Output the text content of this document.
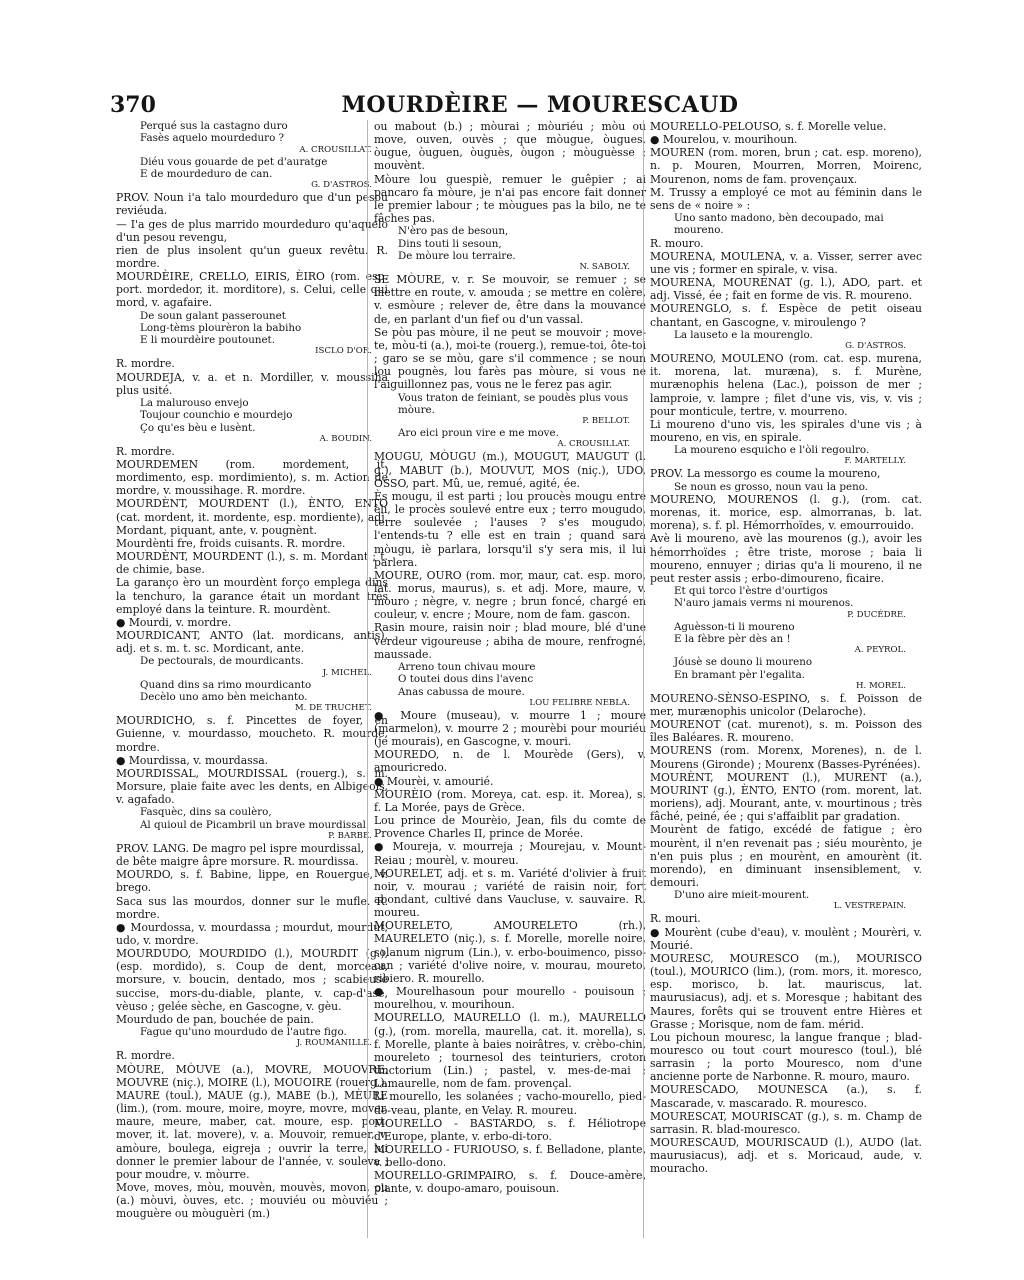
370	MOURDÈIRE — MOURESCAUD

Perqué sus la castagno duro

Fasès aquelo mourdeduro ?

A. CROUSILLAT.

Diéu vous gouarde de pet d'auratge

E de mourdeduro de can.

G. D'ASTROS.

PROV. Noun i'a talo mourdeduro que d'un pesou reviéuda.

— I'a ges de plus marrido mourdeduro qu'aquelo d'un pesou revengu,

rien de plus insolent qu'un gueux revêtu. R. mordre.

MOURDÈIRE, CRELLO, EIRIS, ÈIRO (rom. esp. port. mordedor, it. morditore), s. Celui, celle qui mord, v. agafaire.

De soun galant passerounet

Long-tèms plourèron la babiho

E li mourdèire poutounet.

ISCLO D'OR.

R. mordre.

MOURDEJA, v. a. et n. Mordiller, v. moussiha plus usité.

La malurouso envejo

Toujour counchio e mourdejo

Ço qu'es bèu e lusènt.

A. BOUDIN.

R. mordre.

MOURDEMEN (rom. mordement, it. mordimento, esp. mordimiento), s. m. Action de mordre, v. moussihage. R. mordre.

MOURDÈNT, MOURDENT (l.), ÈNTO, ENTO (cat. mordent, it. mordente, esp. mordiente), adj. Mordant, piquant, ante, v. pougnènt.

Mourdènti fre, froids cuisants. R. mordre.

MOURDÈNT, MOURDENT (l.), s. m. Mordant ; t. de chimie, base.

La garanço èro un mourdènt forço emplega dins la tenchuro, la garance était un mordant très employé dans la teinture. R. mourdènt.

● Mourdi, v. mordre.

MOURDICANT, ANTO (lat. mordicans, antis), adj. et s. m. t. sc. Mordicant, ante.

De pectourals, de mourdicants.

J. MICHEL.

Quand dins sa rimo mourdicanto

Decèlo uno amo bèn meichanto.

M. DE TRUCHET.

MOURDICHO, s. f. Pincettes de foyer, en Guienne, v. mourdasso, moucheto. R. mourde, mordre.

● Mourdissa, v. mourdassa.

MOURDISSAL, MOURDISSAL (rouerg.), s. m. Morsure, plaie faite avec les dents, en Albigeois, v. agafado.

Fasquèc, dins sa coulèro,

Al quioul de Picambril un brave mourdissal.

P. BARBE.

PROV. LANG. De magro pel ispre mourdissal,

de bête maigre âpre morsure. R. mourdissa.

MOURDO, s. f. Babine, lippe, en Rouergue, v. brego.

Saca sus las mourdos, donner sur le mufle. R. mordre.

● Mourdossa, v. mourdassa ; mourdut, mourdut, udo, v. mordre.

MOURDUDO, MOURDIDO (l.), MOURDIT (g.), (esp. mordido), s. Coup de dent, morceau, morsure, v. boucin, dentado, mos ; scabieuse succise, mors-du-diable, plante, v. cap-d'ase, vèuso ; gelée sèche, en Gascogne, v. gèu.

Mourdudo de pan, bouchée de pain.

Fague qu'uno mourdudo de l'autre figo.

J. ROUMANILLE.

R. mordre.

MÒURE, MÒUVE (a.), MOVRE, MOUOVRE, MOUVRE (niç.), MOIRE (l.), MOUOIRE (rouerg.), MAURE (toul.), MAUE (g.), MABE (b.), MÈURE (lim.), (rom. moure, moire, moyre, movre, mover, maure, meure, maber, cat. moure, esp. port. mover, it. lat. movere), v. a. Mouvoir, remuer, v. amòure, boulega, eigreja ; ouvrir la terre, lui donner le premier labour de l'année, v. souleva ; pour moudre, v. mòurre.

Move, moves, mòu, mouvèn, mouvès, movon, ou (a.) mòuvi, òuves, etc. ; mouviéu ou mòuviéu ; mouguère ou mòuguèri (m.)

ou mabout (b.) ; mòurai ; mòuriéu ; mòu ou move, ouven, ouvès ; que mòugue, òugues, òugue, òuguen, òuguès, òugon ; mòuguèsse ; mouvènt.

Mòure lou guespiè, remuer le guêpier ; ai pancaro fa mòure, je n'ai pas encore fait donner le premier labour ; te mòugues pas la bilo, ne te fâches pas.

N'èro pas de besoun,

Dins touti li sesoun,

De mòure lou terraire.

N. SABOLY.

SE MÒURE, v. r. Se mouvoir, se remuer ; se mettre en route, v. amouda ; se mettre en colère, v. esmòure ; relever de, être dans la mouvance de, en parlant d'un fief ou d'un vassal.

Se pòu pas mòure, il ne peut se mouvoir ; move-te, mòu-ti (a.), moi-te (rouerg.), remue-toi, ôte-toi ; garo se se mòu, gare s'il commence ; se noun lou pougnès, lou farès pas mòure, si vous ne l'aiguillonnez pas, vous ne le ferez pas agir.

Vous traton de feiniant, se poudès plus vous mòure.

P. BELLOT.

Aro eici proun vire e me move.

A. CROUSILLAT.

MOUGU, MÒUGU (m.), MOUGUT, MAUGUT (l. g.), MABUT (b.), MOUVUT, MOS (niç.), UDO, OSSO, part. Mû, ue, remué, agité, ée.

Ès mougu, il est parti ; lou proucès mougu entre èli, le procès soulevé entre eux ; terro mougudo, terre soulevée ; l'auses ? s'es mougudo, l'entends-tu ? elle est en train ; quand sara mòugu, iè parlara, lorsqu'il s'y sera mis, il lui parlera.

MOURE, OURO (rom. mor, maur, cat. esp. moro, lat. morus, maurus), s. et adj. More, maure, v. mouro ; nègre, v. negre ; brun foncé, chargé en couleur, v. encre ; Moure, nom de fam. gascon.

Rasin moure, raisin noir ; blad moure, blé d'une verdeur vigoureuse ; abiha de moure, renfrogné, maussade.

Arreno toun chivau moure

O toutei dous dins l'avenc

Anas cabussa de moure.

LOU FELIBRE NEBLA.

● Moure (museau), v. mourre 1 ; moure (marmelon), v. mourre 2 ; mourèbi pour mouriéu (je mourais), en Gascogne, v. mouri.

MOUREDO, n. de l. Mourède (Gers), v. amouricredo.

● Mourèi, v. amourié.

MOURÈIO (rom. Moreya, cat. esp. it. Morea), s. f. La Morée, pays de Grèce.

Lou prince de Mourèio, Jean, fils du comte de Provence Charles II, prince de Morée.

● Moureja, v. mourreja ; Mourejau, v. Mount-Reiau ; mourèl, v. moureu.

MOURELET, adj. et s. m. Variété d'olivier à fruit noir, v. mourau ; variété de raisin noir, fort abondant, cultivé dans Vaucluse, v. sauvaire. R. moureu.

MOURELETO, AMOURELETO (rh.), MAURELETO (niç.), s. f. Morelle, morelle noire, solanum nigrum (Lin.), v. erbo-bouimenco, pisso-can ; variété d'olive noire, v. mourau, moureto, ribiero. R. mourello.

● Mourelhasoun pour mourello - pouisoun ; mourelhou, v. mourihoun.

MOURELLO, MAURELLO (l. m.), MAURELLO (g.), (rom. morella, maurella, cat. it. morella), s. f. Morelle, plante à baies noirâtres, v. crèbo-chin, moureleto ; tournesol des teinturiers, croton tinctorium (Lin.) ; pastel, v. mes-de-mai ; Lamaurelle, nom de fam. provençal.

Li mourello, les solanées ; vacho-mourello, pied-de-veau, plante, en Velay. R. moureu.

MOURELLO - BASTARDO, s. f. Héliotrope d'Europe, plante, v. erbo-di-toro.

MOURELLO - FURIOUSO, s. f. Belladone, plante, v. bello-dono.

MOURELLO-GRIMPAIRO, s. f. Douce-amère, plante, v. doupo-amaro, pouisoun.

MOURELLO-PELOUSO, s. f. Morelle velue.

● Mourelou, v. mourihoun.

MOUREN (rom. moren, brun ; cat. esp. moreno), n. p. Mouren, Mourren, Morren, Moirenc, Mourenon, noms de fam. provençaux.

M. Trussy a employé ce mot au féminin dans le sens de « noire » :

Uno santo madono, bèn decoupado, mai moureno.

R. mouro.

MOURENA, MOULENA, v. a. Visser, serrer avec une vis ; former en spirale, v. visa.

MOURENA, MOURENAT (g. l.), ADO, part. et adj. Vissé, ée ; fait en forme de vis. R. moureno.

MOURENGLO, s. f. Espèce de petit oiseau chantant, en Gascogne, v. miroulengo ?

La lauseto e la mourenglo.

G. D'ASTROS.

MOURENO, MOULENO (rom. cat. esp. murena, it. morena, lat. muræna), s. f. Murène, murænophis helena (Lac.), poisson de mer ; lamproie, v. lampre ; filet d'une vis, vis, v. vis ; pour monticule, tertre, v. mourreno.

Li moureno d'uno vis, les spirales d'une vis ; à moureno, en vis, en spirale.

La moureno esquicho e l'òli regoulro.

F. MARTELLY.

PROV. La messorgo es coume la moureno,

Se noun es grosso, noun vau la peno.

MOURENO, MOURENOS (l. g.), (rom. cat. morenas, it. morice, esp. almorranas, b. lat. morena), s. f. pl. Hémorrhoïdes, v. emourrouido.

Avè li moureno, avè las mourenos (g.), avoir les hémorrhoïdes ; être triste, morose ; baia li moureno, ennuyer ; dirias qu'a li moureno, il ne peut rester assis ; erbo-dimoureno, ficaire.

Et qui torco l'èstre d'ourtigos

N'auro jamais verms ni mourenos.

P. DUCÉDRE.

Aguèsson-ti li moureno

E la fèbre pèr dès an !

A. PEYROL.

Jóusè se douno li moureno

En bramant pèr l'egalita.

H. MOREL.

MOURENO-SÈNSO-ESPINO, s. f. Poisson de mer, murænophis unicolor (Delaroche).

MOURENOT (cat. murenot), s. m. Poisson des îles Baléares. R. moureno.

MOURENS (rom. Morenx, Morenes), n. de l. Mourens (Gironde) ; Mourenx (Basses-Pyrénées).

MOURÈNT, MOURENT (l.), MURENT (a.), MOURINT (g.), ÈNTO, ENTO (rom. morent, lat. moriens), adj. Mourant, ante, v. mourtinous ; très fâché, peiné, ée ; qui s'affaiblit par gradation.

Mourènt de fatigo, excédé de fatigue ; èro mourènt, il n'en revenait pas ; siéu mourènto, je n'en puis plus ; en mourènt, en amourènt (it. morendo), en diminuant insensiblement, v. demouri.

D'uno aire mieit-mourent.

L. VESTREPAIN.

R. mouri.

● Mourènt (cube d'eau), v. moulènt ; Mourèri, v. Mourié.

MOURESC, MOURESCO (m.), MOURISCO (toul.), MOURICO (lim.), (rom. mors, it. moresco, esp. morisco, b. lat. mauriscus, lat. maurusiacus), adj. et s. Moresque ; habitant des Maures, forêts qui se trouvent entre Hières et Grasse ; Morisque, nom de fam. mérid.

Lou pichoun mouresc, la langue franque ; blad-mouresco ou tout court mouresco (toul.), blé sarrasin ; la porto Mouresco, nom d'une ancienne porte de Narbonne. R. mouro, mauro.

MOURESCADO, MOUNESCA (a.), s. f. Mascarade, v. mascarado. R. mouresco.

MOURESCAT, MOURISCAT (g.), s. m. Champ de sarrasin. R. blad-mouresco.

MOURESCAUD, MOURISCAUD (l.), AUDO (lat. maurusiacus), adj. et s. Moricaud, aude, v. mouracho.
